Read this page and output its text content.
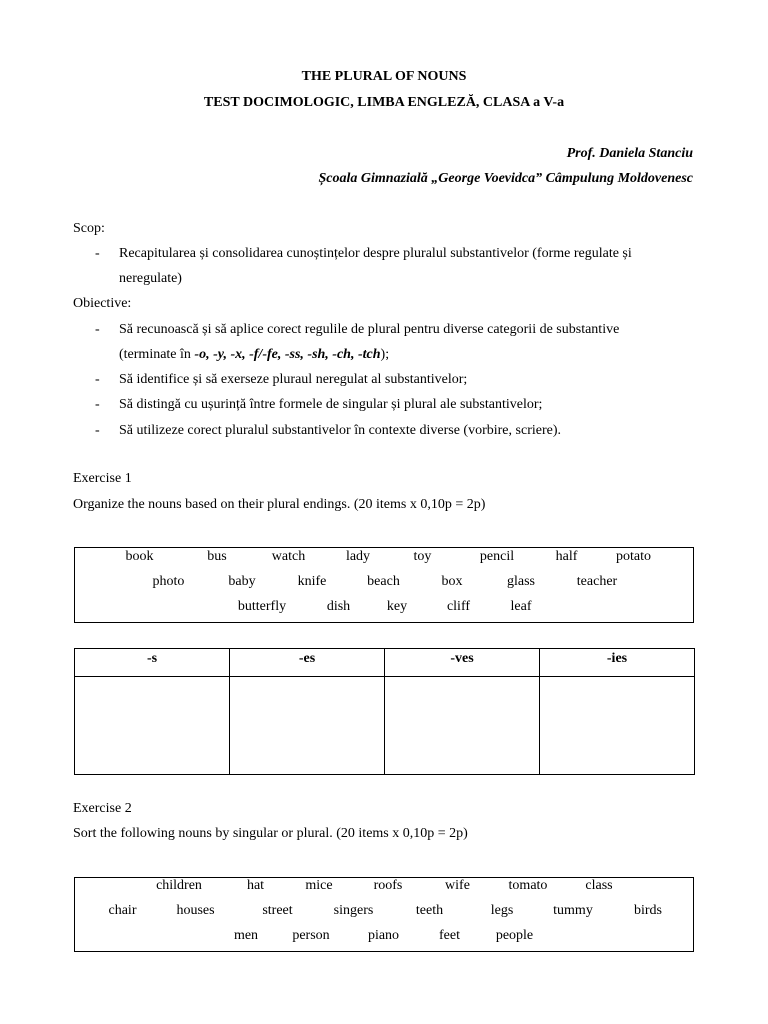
THE PLURAL OF NOUNS
TEST DOCIMOLOGIC, LIMBA ENGLEZĂ, CLASA a V-a
Prof. Daniela Stanciu
Școala Gimnazială „George Voevidca” Câmpulung Moldovenesc
Scop:
- Recapitularea și consolidarea cunoștințelor despre pluralul substantivelor (forme regulate și
neregulate)
Obiective:
- Să recunoască și să aplice corect regulile de plural pentru diverse categorii de substantive
(terminate în -o, -y, -x, -f/-fe, -ss, -sh, -ch, -tch);
- Să identifice și să exerseze pluraul neregulat al substantivelor;
- Să distingă cu ușurință între formele de singular și plural ale substantivelor;
- Să utilizeze corect pluralul substantivelor în contexte diverse (vorbire, scriere).
Exercise 1
Organize the nouns based on their plural endings. (20 items x 0,10p = 2p)
book	bus	watch	lady	toy	pencil	half	potato
photo	baby	knife	beach	box	glass	teacher
butterfly	dish	key	cliff	leaf
-s	-es	-ves	-ies

Exercise 2
Sort the following nouns by singular or plural. (20 items x 0,10p = 2p)
children	hat	mice	roofs	wife	tomato	class
chair	houses	street	singers	teeth	legs	tummy	birds
men	person	piano	feet	people
